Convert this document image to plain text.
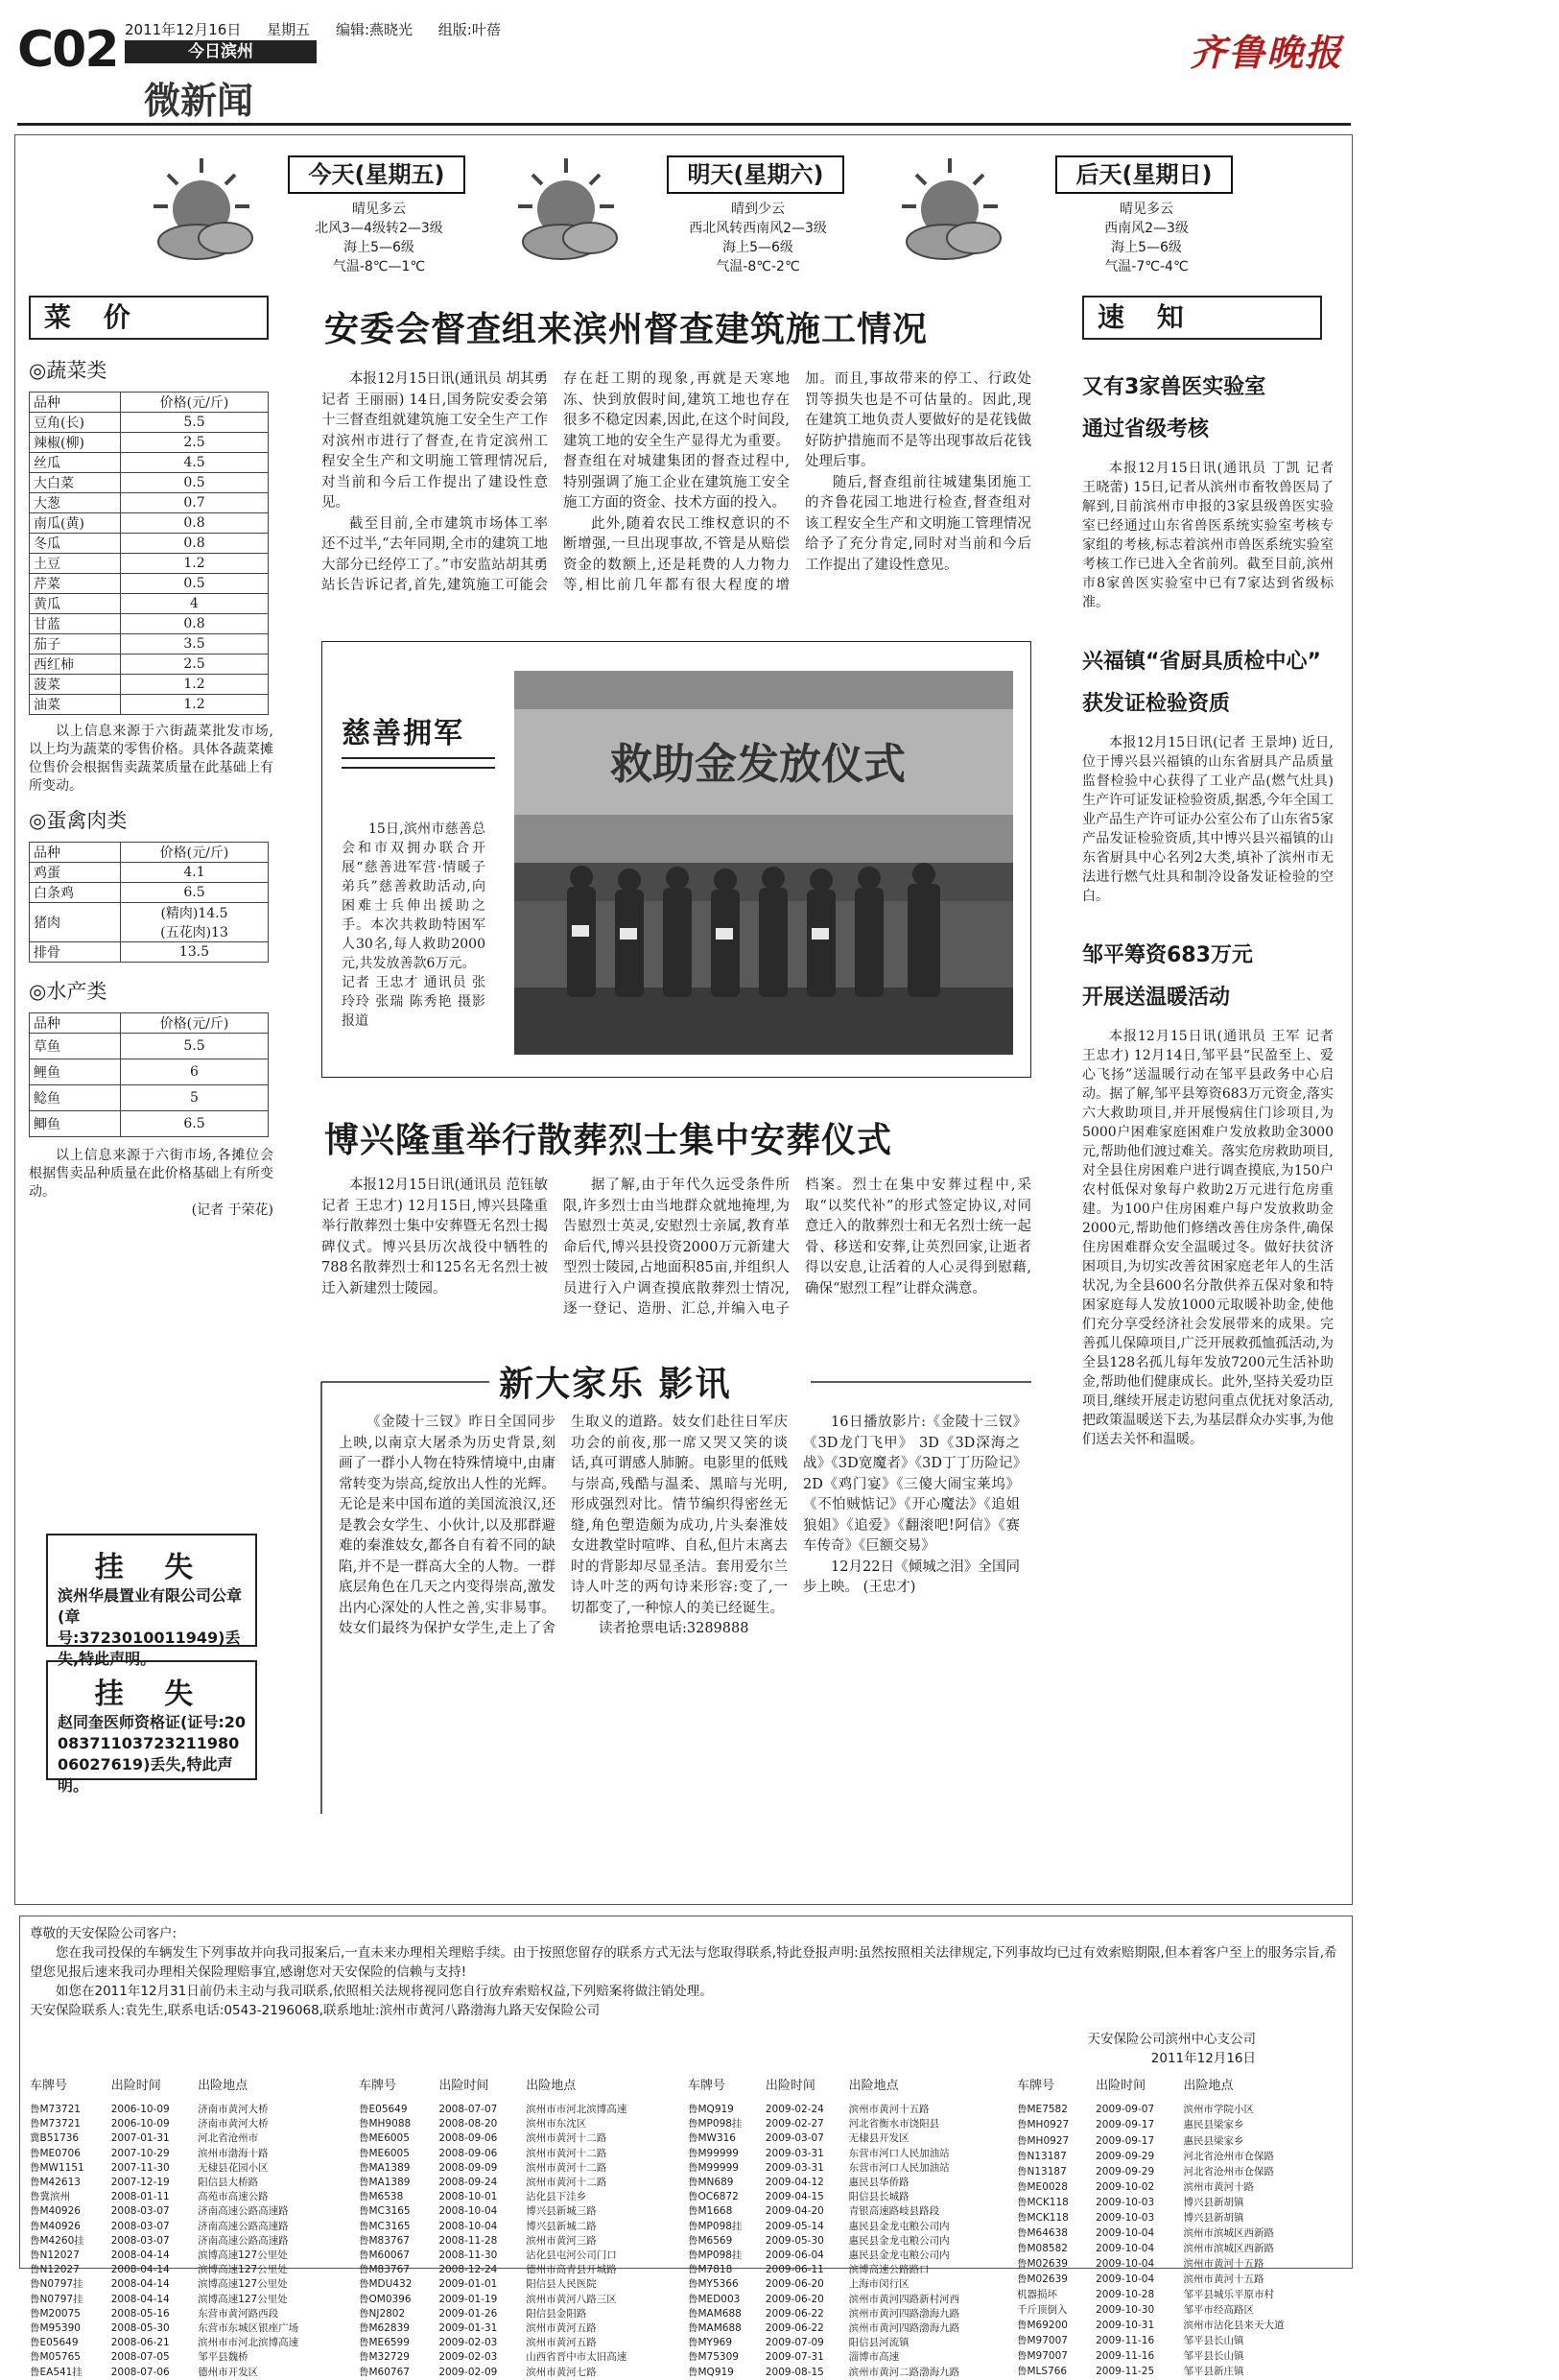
C02 2011年12月16日 星期五 编辑:燕晓光 组版:叶蓓
今日滨州
微新闻
齐鲁晚报
今天(星期五)
晴见多云
北风3—4级转2—3级
海上5—6级
气温-8℃—1℃
明天(星期六)
晴到少云
西北风转西南风2—3级
海上5—6级
气温-8℃-2℃
后天(星期日)
晴见多云
西南风2—3级
海上5—6级
气温-7℃-4℃
菜 价
◎蔬菜类
品种	价格(元/斤)
豆角(长)	5.5
辣椒(柳)	2.5
丝瓜	4.5
大白菜	0.5
大葱	0.7
南瓜(黄)	0.8
冬瓜	0.8
土豆	1.2
芹菜	0.5
黄瓜	4
甘蓝	0.8
茄子	3.5
西红柿	2.5
菠菜	1.2
油菜	1.2
以上信息来源于六街蔬菜批发市场,以上均为蔬菜的零售价格。具体各蔬菜摊位售价会根据售卖蔬菜质量在此基础上有所变动。
◎蛋禽肉类
品种	价格(元/斤)
鸡蛋	4.1
白条鸡	6.5
猪肉	(精肉)14.5
(五花肉)13

排骨	13.5
◎水产类
品种	价格(元/斤)
草鱼	5.5
鲤鱼	6
鲶鱼	5
鲫鱼	6.5
以上信息来源于六街市场,各摊位会根据售卖品种质量在此价格基础上有所变动。
(记者 于荣花)
挂 失
滨州华晨置业有限公司公章(章号:3723010011949)丢失,特此声明。
挂 失
赵同奎医师资格证(证号:200837110372321198006027619)丢失,特此声明。
安委会督查组来滨州督查建筑施工情况

本报12月15日讯(通讯员 胡其勇 记者 王丽丽) 14日,国务院安委会第十三督查组就建筑施工安全生产工作对滨州市进行了督查,在肯定滨州工程安全生产和文明施工管理情况后,对当前和今后工作提出了建设性意见。

截至目前,全市建筑市场体工率还不过半,“去年同期,全市的建筑工地大部分已经停工了。”市安监站胡其勇站长告诉记者,首先,建筑施工可能会存在赶工期的现象,再就是天寒地冻、快到放假时间,建筑工地也存在很多不稳定因素,因此,在这个时间段,建筑工地的安全生产显得尤为重要。督查组在对城建集团的督查过程中,特别强调了施工企业在建筑施工安全施工方面的资金、技术方面的投入。

此外,随着农民工维权意识的不断增强,一旦出现事故,不管是从赔偿资金的数额上,还是耗费的人力物力等,相比前几年都有很大程度的增加。而且,事故带来的停工、行政处罚等损失也是不可估量的。因此,现在建筑工地负责人要做好的是花钱做好防护措施而不是等出现事故后花钱处理后事。

随后,督查组前往城建集团施工的齐鲁花园工地进行检查,督查组对该工程安全生产和文明施工管理情况给予了充分肯定,同时对当前和今后工作提出了建设性意见。

慈善拥军
15日,滨州市慈善总会和市双拥办联合开展“慈善进军营·情暖子弟兵”慈善救助活动,向困难士兵伸出援助之手。本次共救助特困军人30名,每人救助2000元,共发放善款6万元。
记者 王忠才 通讯员 张玲玲 张瑞 陈秀艳 摄影报道
救助金发放仪式
博兴隆重举行散葬烈士集中安葬仪式

本报12月15日讯(通讯员 范钰敏 记者 王忠才) 12月15日,博兴县隆重举行散葬烈士集中安葬暨无名烈士揭碑仪式。博兴县历次战役中牺牲的788名散葬烈士和125名无名烈士被迁入新建烈士陵园。

据了解,由于年代久远受条件所限,许多烈士由当地群众就地掩埋,为告慰烈士英灵,安慰烈士亲属,教育革命后代,博兴县投资2000万元新建大型烈士陵园,占地面积85亩,并组织人员进行入户调查摸底散葬烈士情况,逐一登记、造册、汇总,并编入电子档案。烈士在集中安葬过程中,采取“以奖代补”的形式签定协议,对同意迁入的散葬烈士和无名烈士统一起骨、移送和安葬,让英烈回家,让逝者得以安息,让活着的人心灵得到慰藉,确保“慰烈工程”让群众满意。

新大家乐 影讯

《金陵十三钗》昨日全国同步上映,以南京大屠杀为历史背景,刻画了一群小人物在特殊情境中,由庸常转变为崇高,绽放出人性的光辉。无论是来中国布道的美国流浪汉,还是教会女学生、小伙计,以及那群避难的秦淮妓女,都各自有着不同的缺陷,并不是一群高大全的人物。一群底层角色在几天之内变得崇高,激发出内心深处的人性之善,实非易事。妓女们最终为保护女学生,走上了舍生取义的道路。妓女们赴往日军庆功会的前夜,那一席又哭又笑的谈话,真可谓感人肺腑。电影里的低贱与崇高,残酷与温柔、黑暗与光明,形成强烈对比。情节编织得密丝无缝,角色塑造颇为成功,片头秦淮妓女进教堂时喧哗、自私,但片末离去时的背影却尽显圣洁。套用爱尔兰诗人叶芝的两句诗来形容:变了,一切都变了,一种惊人的美已经诞生。

读者抢票电话:3289888

16日播放影片:《金陵十三钗》《3D龙门飞甲》 3D《3D深海之战》《3D宽魔者》《3D丁丁历险记》2D《鸡门宴》《三傻大闹宝莱坞》《不怕贼惦记》《开心魔法》《追姐狼姐》《追爱》《翻滚吧!阿信》《赛车传奇》《巨额交易》

12月22日《倾城之泪》全国同步上映。 (王忠才)

速 知
又有3家兽医实验室
通过省级考核

本报12月15日讯(通讯员 丁凯 记者 王晓蕾) 15日,记者从滨州市畜牧兽医局了解到,目前滨州市申报的3家县级兽医实验室已经通过山东省兽医系统实验室考核专家组的考核,标志着滨州市兽医系统实验室考核工作已进入全省前列。截至目前,滨州市8家兽医实验室中已有7家达到省级标准。

兴福镇“省厨具质检中心”
获发证检验资质

本报12月15日讯(记者 王景坤) 近日,位于博兴县兴福镇的山东省厨具产品质量监督检验中心获得了工业产品(燃气灶具)生产许可证发证检验资质,据悉,今年全国工业产品生产许可证办公室公布了山东省5家产品发证检验资质,其中博兴县兴福镇的山东省厨具中心名列2大类,填补了滨州市无法进行燃气灶具和制冷设备发证检验的空白。

邹平筹资683万元
开展送温暖活动

本报12月15日讯(通讯员 王军 记者 王忠才) 12月14日,邹平县“民盈至上、爱心飞扬”送温暖行动在邹平县政务中心启动。据了解,邹平县筹资683万元资金,落实六大救助项目,并开展慢病住门诊项目,为5000户困难家庭困难户发放救助金3000元,帮助他们渡过难关。落实危房救助项目,对全县住房困难户进行调查摸底,为150户农村低保对象每户救助2万元进行危房重建。为100户住房困难户每户发放救助金2000元,帮助他们修缮改善住房条件,确保住房困难群众安全温暖过冬。做好扶贫济困项目,为切实改善贫困家庭老年人的生活状况,为全县600名分散供养五保对象和特困家庭每人发放1000元取暖补助金,使他们充分享受经济社会发展带来的成果。完善孤儿保障项目,广泛开展救孤恤孤活动,为全县128名孤儿每年发放7200元生活补助金,帮助他们健康成长。此外,坚持关爱功臣项目,继续开展走访慰问重点优抚对象活动,把政策温暖送下去,为基层群众办实事,为他们送去关怀和温暖。

尊敬的天安保险公司客户:
您在我司投保的车辆发生下列事故并向我司报案后,一直未来办理相关理赔手续。由于按照您留存的联系方式无法与您取得联系,特此登报声明:虽然按照相关法律规定,下列事故均已过有效索赔期限,但本着客户至上的服务宗旨,希望您见报后速来我司办理相关保险理赔事宜,感谢您对天安保险的信赖与支持!
如您在2011年12月31日前仍未主动与我司联系,依照相关法规将视同您自行放弃索赔权益,下列赔案将做注销处理。
天安保险联系人:袁先生,联系电话:0543-2196068,联系地址:滨州市黄河八路渤海九路天安保险公司
天安保险公司滨州中心支公司
2011年12月16日
车牌号	出险时间	出险地点
鲁M73721	2006-10-09	济南市黄河大桥
鲁M73721	2006-10-09	济南市黄河大桥
冀B51736	2007-01-31	河北省沧州市
鲁ME0706	2007-10-29	滨州市渤海十路
鲁MW1151	2007-11-30	无棣县花园小区
鲁M42613	2007-12-19	阳信县大桥路
鲁冀滨州	2008-01-11	高苑市高速公路
鲁M40926	2008-03-07	济南高速公路高速路
鲁M40926	2008-03-07	济南高速公路高速路
鲁M4260挂	2008-03-07	济南高速公路高速路
鲁N12027	2008-04-14	滨博高速127公里处
鲁N12027	2008-04-14	滨博高速127公里处
鲁N0797挂	2008-04-14	滨博高速127公里处
鲁N0797挂	2008-04-14	滨博高速127公里处
鲁M20075	2008-05-16	东营市黄河路西段
鲁M95390	2008-05-30	东营市东城区银座广场
鲁E05649	2008-06-21	滨州市市河北滨博高速
鲁M05765	2008-07-05	邹平县魏桥
鲁EA541挂	2008-07-06	德州市开发区
车牌号	出险时间	出险地点
鲁E05649	2008-07-07	滨州市市河北滨博高速
鲁MH9088	2008-08-20	滨州市东沈区
鲁ME6005	2008-09-06	滨州市黄河十二路
鲁ME6005	2008-09-06	滨州市黄河十二路
鲁MA1389	2008-09-09	滨州市黄河十二路
鲁MA1389	2008-09-24	滨州市黄河十二路
鲁M6538	2008-10-01	沾化县下洼乡
鲁MC3165	2008-10-04	博兴县新城三路
鲁MC3165	2008-10-04	博兴县新城二路
鲁M83767	2008-11-28	滨州市黄河三路
鲁M60067	2008-11-30	沾化县屯河公司门口
鲁M83767	2008-12-24	德州市高青县开城路
鲁MDU432	2009-01-01	阳信县人民医院
鲁OM0396	2009-01-19	滨州市黄河八路三区
鲁NJ2802	2009-01-26	阳信县金阳路
鲁M62839	2009-01-31	滨州市黄河五路
鲁ME6599	2009-02-03	滨州市黄河五路
鲁M32729	2009-02-03	山西省晋中市太旧高速
鲁M60767	2009-02-09	滨州市黄河七路
车牌号	出险时间	出险地点
鲁MQ919	2009-02-24	滨州市黄河十五路
鲁MP098挂	2009-02-27	河北省衡水市饶阳县
鲁MW316	2009-03-07	无棣县开发区
鲁M99999	2009-03-31	东营市河口人民加油站
鲁M99999	2009-03-31	东营市河口人民加油站
鲁MN689	2009-04-12	惠民县华侨路
鲁OC6872	2009-04-15	阳信县长城路
鲁M1668	2009-04-20	青银高速路岐县路段
鲁MP098挂	2009-05-14	惠民县金龙屯粮公司内
鲁M6569	2009-05-30	惠民县金龙屯粮公司内
鲁MP098挂	2009-06-04	惠民县金龙屯粮公司内
鲁M7818	2009-06-11	滨博高速公路路口
鲁MY5366	2009-06-20	上海市闵行区
鲁MED003	2009-06-20	滨州市黄河四路新村河西
鲁MAM688	2009-06-22	滨州市黄河四路渤海九路
鲁MAM688	2009-06-22	滨州市黄河四路渤海九路
鲁MY969	2009-07-09	阳信县河流镇
鲁M75309	2009-07-31	淄博市高速
鲁MQ919	2009-08-15	滨州市黄河二路渤海九路
车牌号	出险时间	出险地点
鲁ME7582	2009-09-07	滨州市学院小区
鲁MH0927	2009-09-17	惠民县梁家乡
鲁MH0927	2009-09-17	惠民县梁家乡
鲁N13187	2009-09-29	河北省沧州市仓保路
鲁N13187	2009-09-29	河北省沧州市仓保路
鲁ME0028	2009-10-02	滨州市黄河十路
鲁MCK118	2009-10-03	博兴县新胡镇
鲁MCK118	2009-10-03	博兴县新胡镇
鲁M64638	2009-10-04	滨州市滨城区西新路
鲁M08582	2009-10-04	滨州市滨城区西新路
鲁M02639	2009-10-04	滨州市黄河十五路
鲁M02639	2009-10-04	滨州市黄河十五路
机器损坏	2009-10-28	邹平县城乐平原市村
千斤顶倒入	2009-10-30	邹平市经高路区
鲁M69200	2009-10-31	滨州市沾化县来天大道
鲁M97007	2009-11-16	邹平县长山镇
鲁M97007	2009-11-16	邹平县长山镇
鲁MLS766	2009-11-25	邹平县新庄镇
